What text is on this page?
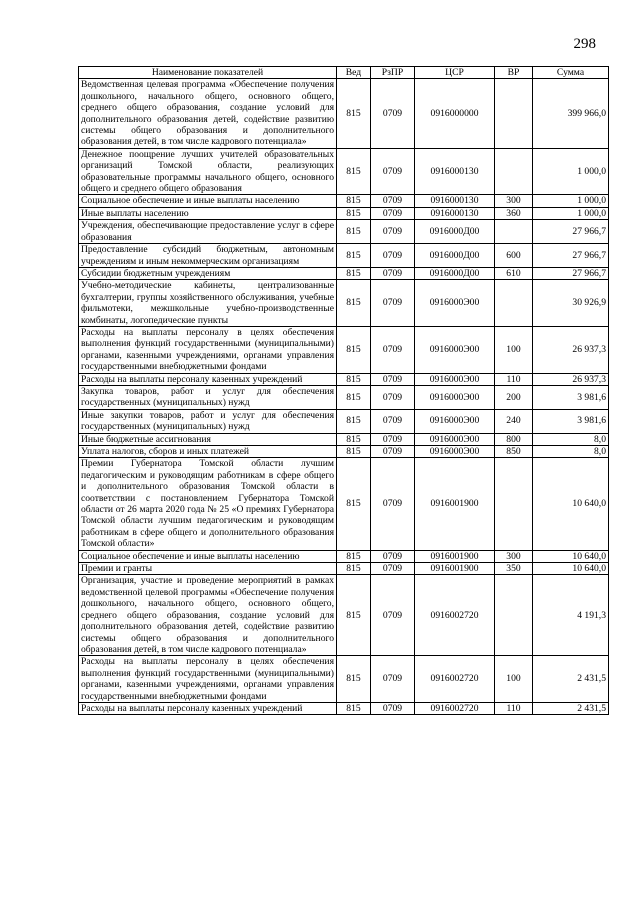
298
Наименование показателей	Вед	РзПР	ЦСР	ВР	Сумма
Ведомственная целевая программа «Обеспечение получения дошкольного, начального общего, основного общего, среднего общего образования, создание условий для дополнительного образования детей, содействие развитию системы общего образования и дополнительного образования детей, в том числе кадрового потенциала»	815	0709	0916000000		399 966,0
Денежное поощрение лучших учителей образовательных организаций Томской области, реализующих образовательные программы начального общего, основного общего и среднего общего образования	815	0709	0916000130		1 000,0
Социальное обеспечение и иные выплаты населению	815	0709	0916000130	300	1 000,0
Иные выплаты населению	815	0709	0916000130	360	1 000,0
Учреждения, обеспечивающие предоставление услуг в сфере образования	815	0709	0916000Д00		27 966,7
Предоставление субсидий бюджетным, автономным учреждениям и иным некоммерческим организациям	815	0709	0916000Д00	600	27 966,7
Субсидии бюджетным учреждениям	815	0709	0916000Д00	610	27 966,7
Учебно-методические кабинеты, централизованные бухгалтерии, группы хозяйственного обслуживания, учебные фильмотеки, межшкольные учебно-производственные комбинаты, логопедические пункты	815	0709	0916000Э00		30 926,9
Расходы на выплаты персоналу в целях обеспечения выполнения функций государственными (муниципальными) органами, казенными учреждениями, органами управления государственными внебюджетными фондами	815	0709	0916000Э00	100	26 937,3
Расходы на выплаты персоналу казенных учреждений	815	0709	0916000Э00	110	26 937,3
Закупка товаров, работ и услуг для обеспечения государственных (муниципальных) нужд	815	0709	0916000Э00	200	3 981,6
Иные закупки товаров, работ и услуг для обеспечения государственных (муниципальных) нужд	815	0709	0916000Э00	240	3 981,6
Иные бюджетные ассигнования	815	0709	0916000Э00	800	8,0
Уплата налогов, сборов и иных платежей	815	0709	0916000Э00	850	8,0
Премии Губернатора Томской области лучшим педагогическим и руководящим работникам в сфере общего и дополнительного образования Томской области в соответствии с постановлением Губернатора Томской области от 26 марта 2020 года № 25 «О премиях Губернатора Томской области лучшим педагогическим и руководящим работникам в сфере общего и дополнительного образования Томской области»	815	0709	0916001900		10 640,0
Социальное обеспечение и иные выплаты населению	815	0709	0916001900	300	10 640,0
Премии и гранты	815	0709	0916001900	350	10 640,0
Организация, участие и проведение мероприятий в рамках ведомственной целевой программы «Обеспечение получения дошкольного, начального общего, основного общего, среднего общего образования, создание условий для дополнительного образования детей, содействие развитию системы общего образования и дополнительного образования детей, в том числе кадрового потенциала»	815	0709	0916002720		4 191,3
Расходы на выплаты персоналу в целях обеспечения выполнения функций государственными (муниципальными) органами, казенными учреждениями, органами управления государственными внебюджетными фондами	815	0709	0916002720	100	2 431,5
Расходы на выплаты персоналу казенных учреждений	815	0709	0916002720	110	2 431,5
